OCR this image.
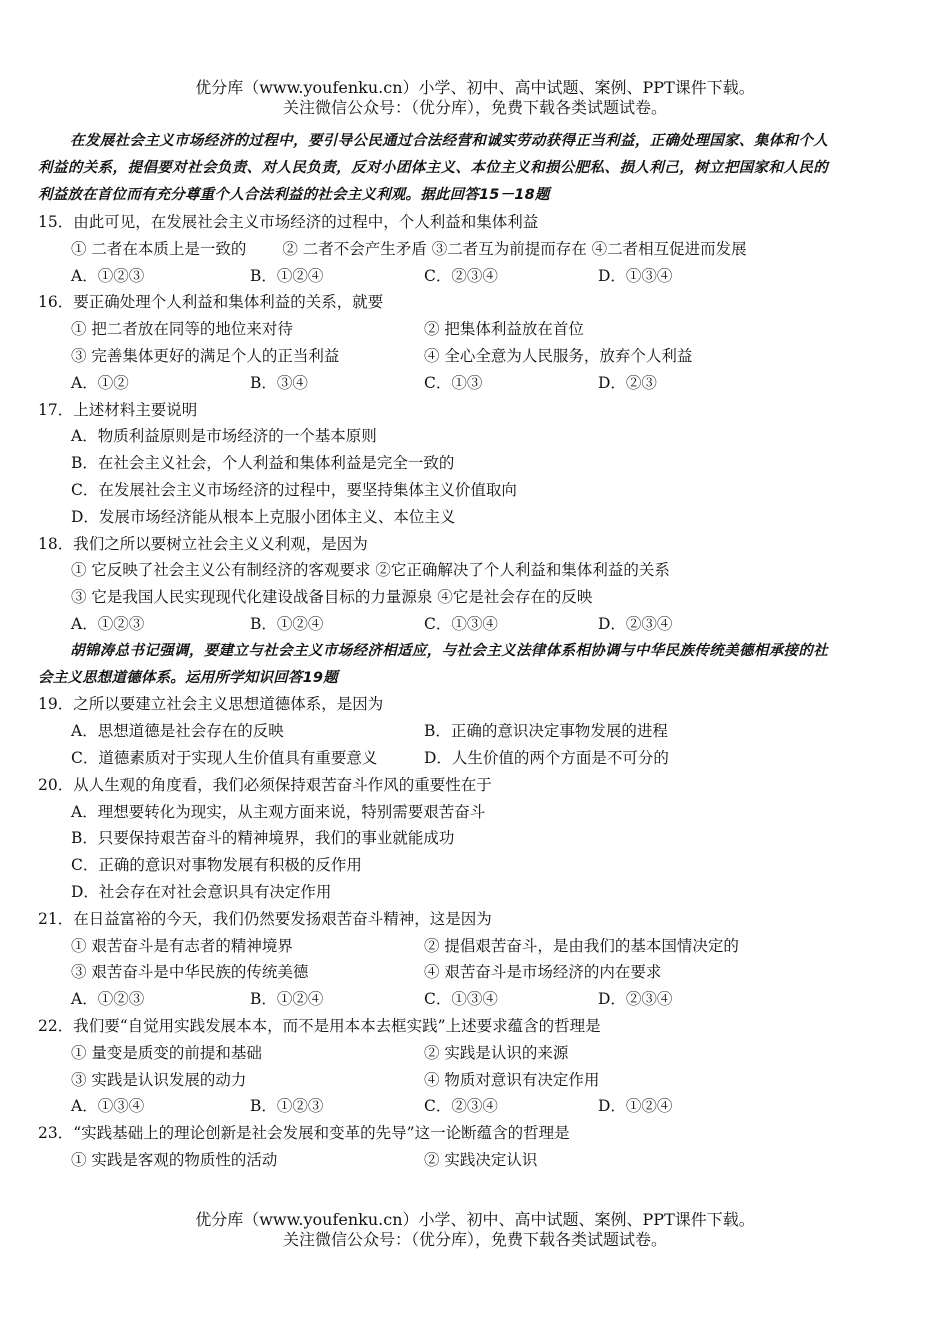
优分库（www.youfenku.cn）小学、初中、高中试题、案例、PPT课件下载。
关注微信公众号：（优分库），免费下载各类试题试卷。
在发展社会主义市场经济的过程中，要引导公民通过合法经营和诚实劳动获得正当利益，正确处理国家、集体和个人利益的关系，提倡要对社会负责、对人民负责，反对小团体主义、本位主义和损公肥私、损人利己，树立把国家和人民的利益放在首位而有充分尊重个人合法利益的社会主义利观。据此回答15－18题
15．由此可见，在发展社会主义市场经济的过程中，个人利益和集体利益
① 二者在本质上是一致的　　 ② 二者不会产生矛盾 ③二者互为前提而存在 ④二者相互促进而发展
A．①②③	B．①②④	C．②③④	D．①③④
16．要正确处理个人利益和集体利益的关系，就要
① 把二者放在同等的地位来对待	② 把集体利益放在首位
③ 完善集体更好的满足个人的正当利益	④ 全心全意为人民服务，放弃个人利益
A．①②	B．③④	C．①③	D．②③
17．上述材料主要说明
A．物质利益原则是市场经济的一个基本原则
B．在社会主义社会，个人利益和集体利益是完全一致的
C．在发展社会主义市场经济的过程中，要坚持集体主义价值取向
D．发展市场经济能从根本上克服小团体主义、本位主义
18．我们之所以要树立社会主义义利观，是因为
① 它反映了社会主义公有制经济的客观要求 ②它正确解决了个人利益和集体利益的关系
③ 它是我国人民实现现代化建设战备目标的力量源泉 ④它是社会存在的反映
A．①②③	B．①②④	C．①③④	D．②③④
胡锦涛总书记强调，要建立与社会主义市场经济相适应，与社会主义法律体系相协调与中华民族传统美德相承接的社会主义思想道德体系。运用所学知识回答19题
19．之所以要建立社会主义思想道德体系，是因为
A．思想道德是社会存在的反映	B．正确的意识决定事物发展的进程
C．道德素质对于实现人生价值具有重要意义	D．人生价值的两个方面是不可分的
20．从人生观的角度看，我们必须保持艰苦奋斗作风的重要性在于
A．理想要转化为现实，从主观方面来说，特别需要艰苦奋斗
B．只要保持艰苦奋斗的精神境界，我们的事业就能成功
C．正确的意识对事物发展有积极的反作用
D．社会存在对社会意识具有决定作用
21．在日益富裕的今天，我们仍然要发扬艰苦奋斗精神，这是因为
① 艰苦奋斗是有志者的精神境界	② 提倡艰苦奋斗，是由我们的基本国情决定的
③ 艰苦奋斗是中华民族的传统美德	④ 艰苦奋斗是市场经济的内在要求
A．①②③	B．①②④	C．①③④	D．②③④
22．我们要“自觉用实践发展本本，而不是用本本去框实践”上述要求蕴含的哲理是
① 量变是质变的前提和基础	② 实践是认识的来源
③ 实践是认识发展的动力	④ 物质对意识有决定作用
A．①③④	B．①②③	C．②③④	D．①②④
23．“实践基础上的理论创新是社会发展和变革的先导”这一论断蕴含的哲理是
① 实践是客观的物质性的活动	② 实践决定认识
优分库（www.youfenku.cn）小学、初中、高中试题、案例、PPT课件下载。
关注微信公众号：（优分库），免费下载各类试题试卷。
